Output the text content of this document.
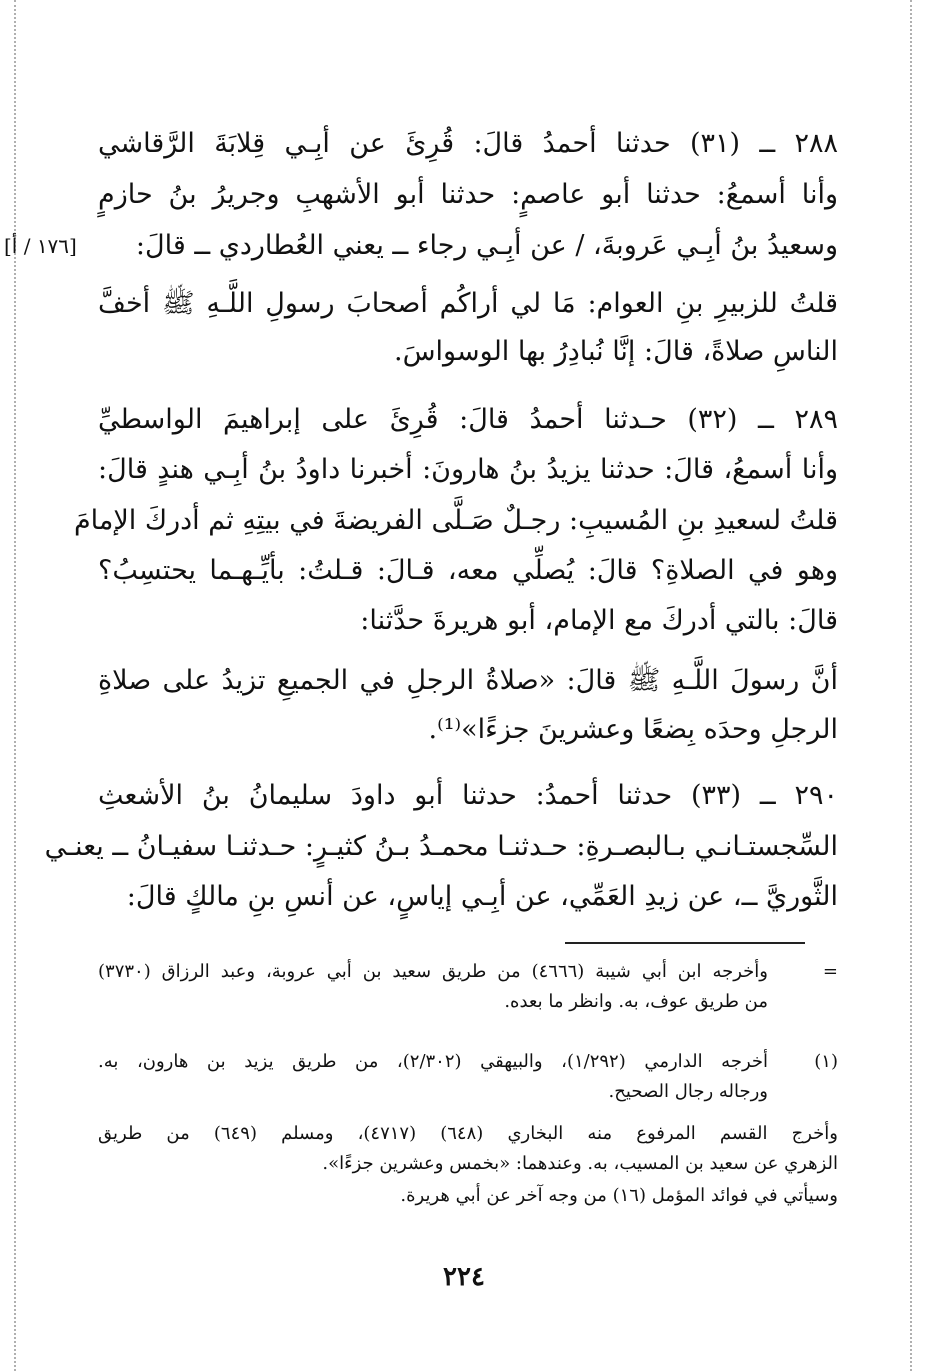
٢٨٨ ــ (٣١) حدثنا أحمدُ قالَ: قُرِئَ عن أبِـي قِلابَةَ الرَّقاشي
وأنا أسمعُ: حدثنا أبو عاصمٍ: حدثنا أبو الأشهبِ وجريرُ بنُ حازمٍ
وسعيدُ بنُ أبِـي عَروبةَ، / عن أبِـي رجاء ــ يعني العُطاردي ــ قالَ:
[١٧٦ / أ]
قلتُ للزبيرِ بنِ العوام: مَا لي أراكُم أصحابَ رسولِ اللَّـهِ ﷺ أخفَّ
الناسِ صلاةً، قالَ: إنَّا نُبادِرُ بها الوسواسَ.
٢٨٩ ــ (٣٢) حـدثنا أحمدُ قالَ: قُرِئَ على إبراهيمَ الواسطيِّ
وأنا أسمعُ، قالَ: حدثنا يزيدُ بنُ هارونَ: أخبرنا داودُ بنُ أبِـي هندٍ قالَ:
قلتُ لسعيدِ بنِ المُسيبِ: رجـلٌ صَـلَّى الفريضةَ في بيتِهِ ثم أدركَ الإمامَ
وهو في الصلاةِ؟ قالَ: يُصلِّي معه، قـالَ: قـلتُ: بأيِّـهـما يحتسِبُ؟
قالَ: بالتي أدركَ مع الإمام، أبو هريرةَ حدَّثنا:
أنَّ رسولَ اللَّـهِ ﷺ قالَ: «صلاةُ الرجلِ في الجميعِ تزيدُ على صلاةِ
الرجلِ وحدَه بِضعًا وعشرينَ جزءًا»⁽¹⁾.
٢٩٠ ــ (٣٣) حدثنا أحمدُ: حدثنا أبو داودَ سليمانُ بنُ الأشعثِ
السِّجستـانـي بـالبصـرةِ: حـدثنـا محمـدُ بـنُ كثيـرٍ: حـدثنـا سفيـانُ ــ يعنـي
الثَّوريَّ ــ، عن زيدِ العَمِّي، عن أبِـي إياسٍ، عن أنسِ بنِ مالكٍ قالَ:
=
وأخرجه ابن أبي شيبة (٤٦٦٦) من طريق سعيد بن أبي عروبة، وعبد الرزاق (٣٧٣٠)
من طريق عوف، به. وانظر ما بعده.
(١)
أخرجه الدارمي (١/٢٩٢)، والبيهقي (٢/٣٠٢)، من طريق يزيد بن هارون، به.
ورجاله رجال الصحيح.
وأخرج القسم المرفوع منه البخاري (٦٤٨) (٤٧١٧)، ومسلم (٦٤٩) من طريق
الزهري عن سعيد بن المسيب، به. وعندهما: «بخمس وعشرين جزءًا».
وسيأتي في فوائد المؤمل (١٦) من وجه آخر عن أبي هريرة.
٢٢٤
